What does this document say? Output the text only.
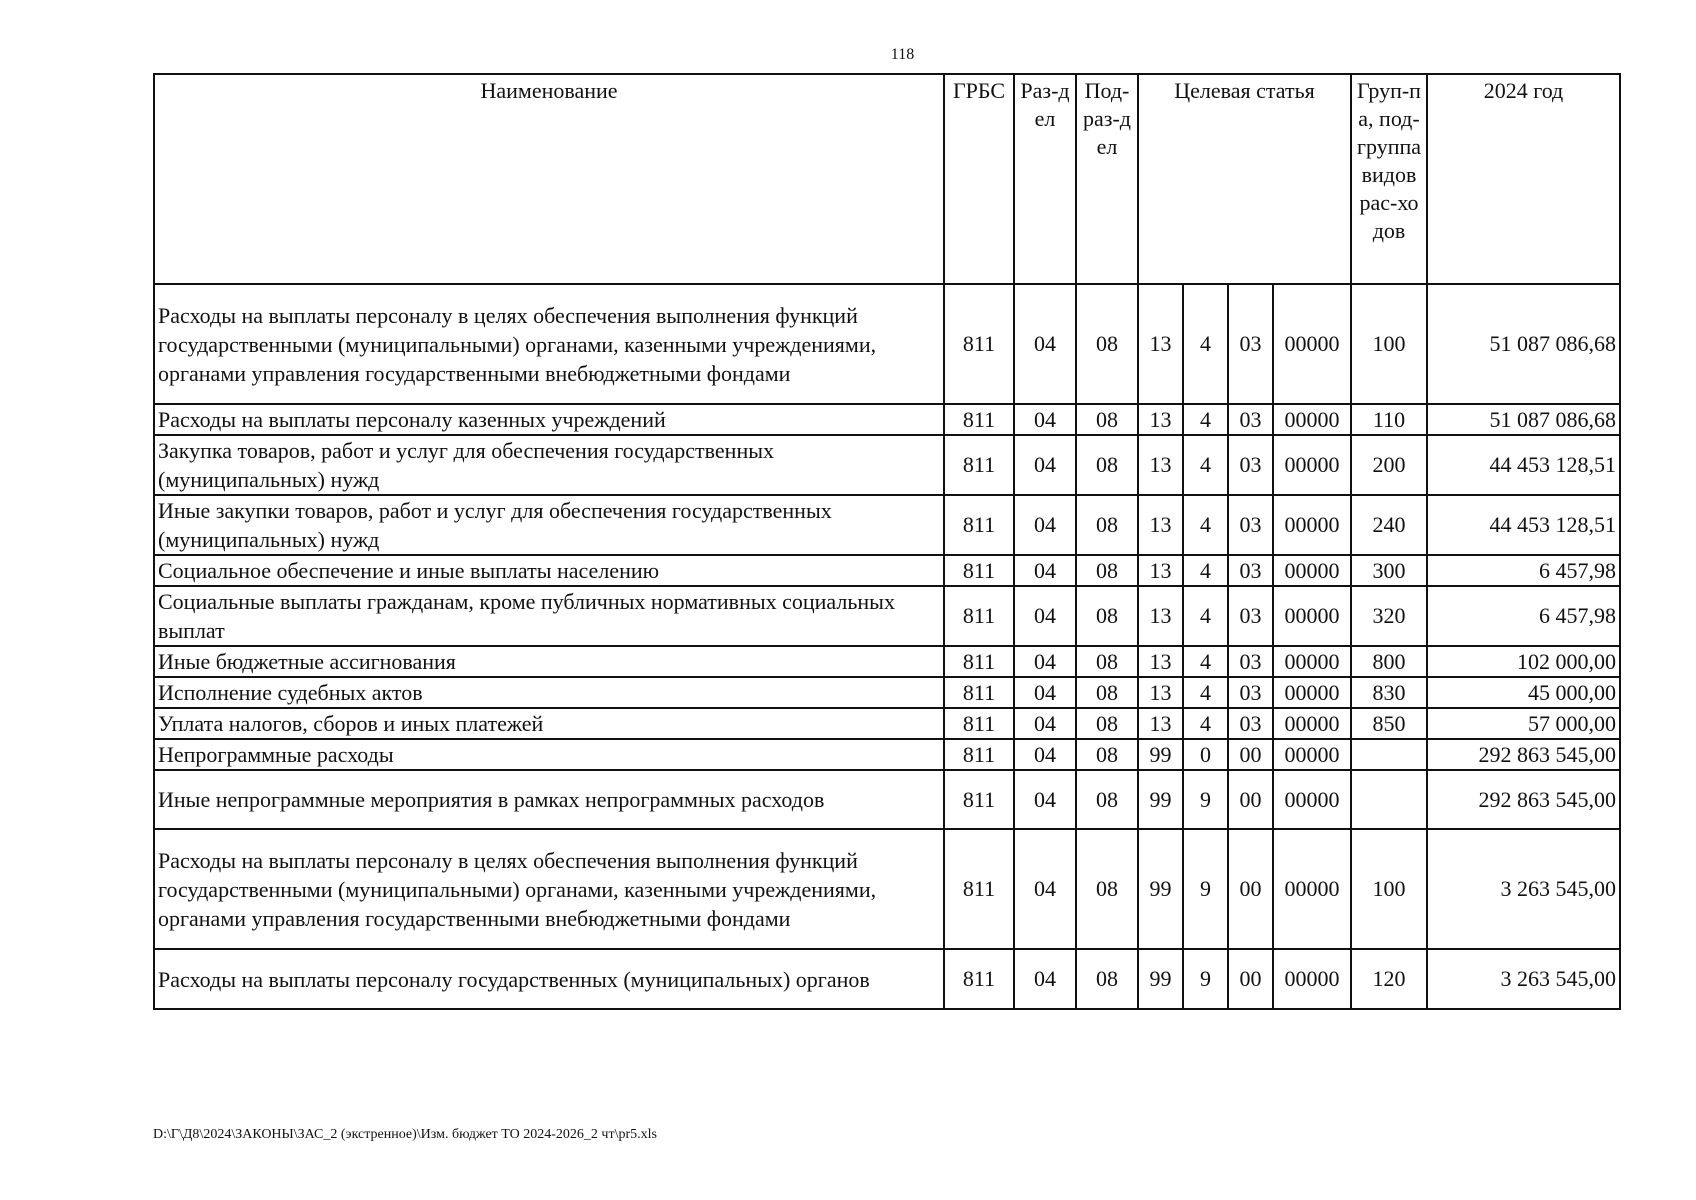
118
Наименование	ГРБС	Раз-дел	Под-раз-дел	Целевая статья				Груп-па, под-группа видов рас-ходов	2024 год
Расходы на выплаты персоналу в целях обеспечения выполнения функций государственными (муниципальными) органами, казенными учреждениями, органами управления государственными внебюджетными фондами	811	04	08	13	4	03	00000	100	51 087 086,68
Расходы на выплаты персоналу казенных учреждений	811	04	08	13	4	03	00000	110	51 087 086,68
Закупка товаров, работ и услуг для обеспечения государственных (муниципальных) нужд	811	04	08	13	4	03	00000	200	44 453 128,51
Иные закупки товаров, работ и услуг для обеспечения государственных (муниципальных) нужд	811	04	08	13	4	03	00000	240	44 453 128,51
Социальное обеспечение и иные выплаты населению	811	04	08	13	4	03	00000	300	6 457,98
Социальные выплаты гражданам, кроме публичных нормативных социальных выплат	811	04	08	13	4	03	00000	320	6 457,98
Иные бюджетные ассигнования	811	04	08	13	4	03	00000	800	102 000,00
Исполнение судебных актов	811	04	08	13	4	03	00000	830	45 000,00
Уплата налогов, сборов и иных платежей	811	04	08	13	4	03	00000	850	57 000,00
Непрограммные расходы	811	04	08	99	0	00	00000		292 863 545,00
Иные непрограммные мероприятия в рамках непрограммных расходов	811	04	08	99	9	00	00000		292 863 545,00
Расходы на выплаты персоналу в целях обеспечения выполнения функций государственными (муниципальными) органами, казенными учреждениями, органами управления государственными внебюджетными фондами	811	04	08	99	9	00	00000	100	3 263 545,00
Расходы на выплаты персоналу государственных (муниципальных) органов	811	04	08	99	9	00	00000	120	3 263 545,00
D:\Г\Д8\2024\ЗАКОНЫ\ЗАС_2 (экстренное)\Изм. бюджет ТО 2024-2026_2 чт\pr5.xls
